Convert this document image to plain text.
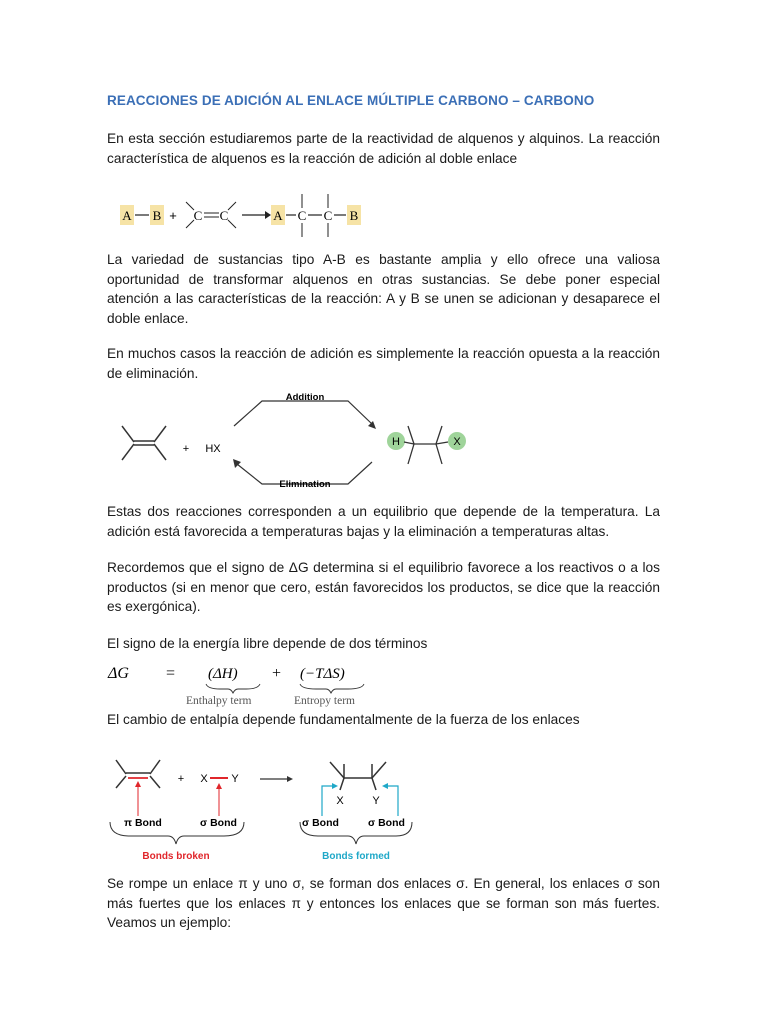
REACCIONES DE ADICIÓN AL ENLACE MÚLTIPLE CARBONO – CARBONO
En esta sección estudiaremos parte de la reactividad de alquenos y alquinos. La reacción característica de alquenos es la reacción de adición al doble enlace
A B + C C	A C C B
La variedad de sustancias tipo A-B es bastante amplia y ello ofrece una valiosa oportunidad de transformar alquenos en otras sustancias. Se debe poner especial atención a las características de la reacción: A y B se unen se adicionan y desaparece el doble enlace.
En muchos casos la reacción de adición es simplemente la reacción opuesta a la reacción de eliminación.
+ HX
Addition
Elimination
H	X
Estas dos reacciones corresponden a un equilibrio que depende de la temperatura. La adición está favorecida a temperaturas bajas y la eliminación a temperaturas altas.
Recordemos que el signo de ΔG determina si el equilibrio favorece a los reactivos o a los productos (si en menor que cero, están favorecidos los productos, se dice que la reacción es exergónica).
El signo de la energía libre depende de dos términos
ΔG = (ΔH)
Enthalpy term
+ (−TΔS)
Entropy term
El cambio de entalpía depende fundamentalmente de la fuerza de los enlaces
+ X Y
π Bond	σ Bond
Bonds broken
X	Y
σ Bond	σ Bond
Bonds formed
Se rompe un enlace π y uno σ, se forman dos enlaces σ. En general, los enlaces σ son más fuertes que los enlaces π y entonces los enlaces que se forman son más fuertes. Veamos un ejemplo:
